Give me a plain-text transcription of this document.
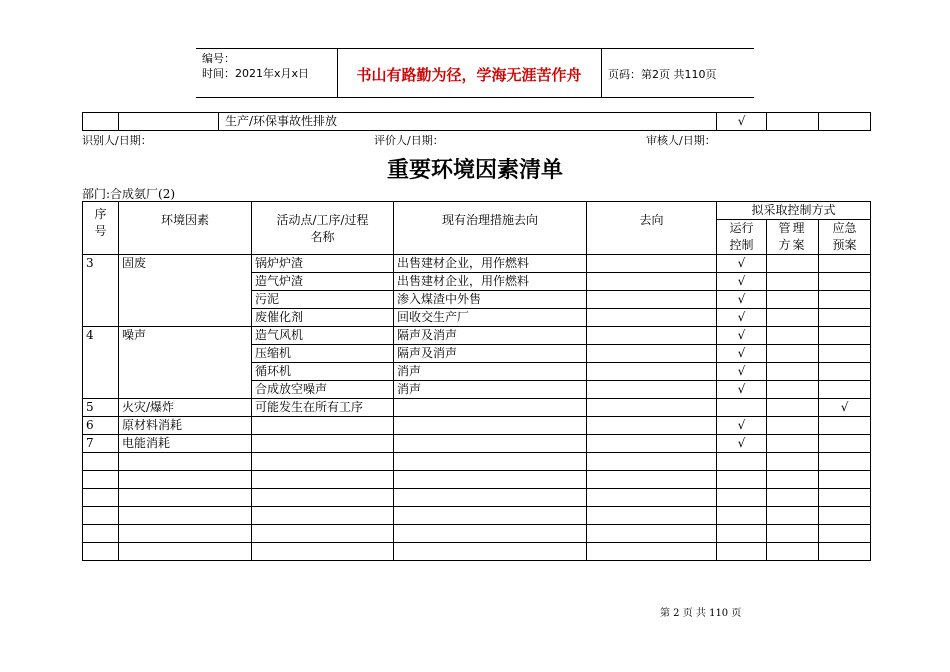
编号：
时间：2021年x月x日	书山有路勤为径，学海无涯苦作舟	页码：第2页 共110页
		生产/环保事故性排放	√		
识别人/日期：	评价人/日期：	审核人/日期：
重要环境因素清单
部门:合成氨厂(2)
序号	环境因素	活动点/工序/过程名称	现有治理措施去向	去向	拟采取控制方式		
					运行控制	管理方案	应急预案
3	固废	锅炉炉渣	出售建材企业，用作燃料		√		
		造气炉渣	出售建材企业，用作燃料		√		
		污泥	渗入煤渣中外售		√		
		废催化剂	回收交生产厂		√		
4	噪声	造气风机	隔声及消声		√		
		压缩机	隔声及消声		√		
		循环机	消声		√		
		合成放空噪声	消声		√		
5	火灾/爆炸	可能发生在所有工序					√
6	原材料消耗				√		
7	电能消耗				√		

第 2 页 共 110 页
